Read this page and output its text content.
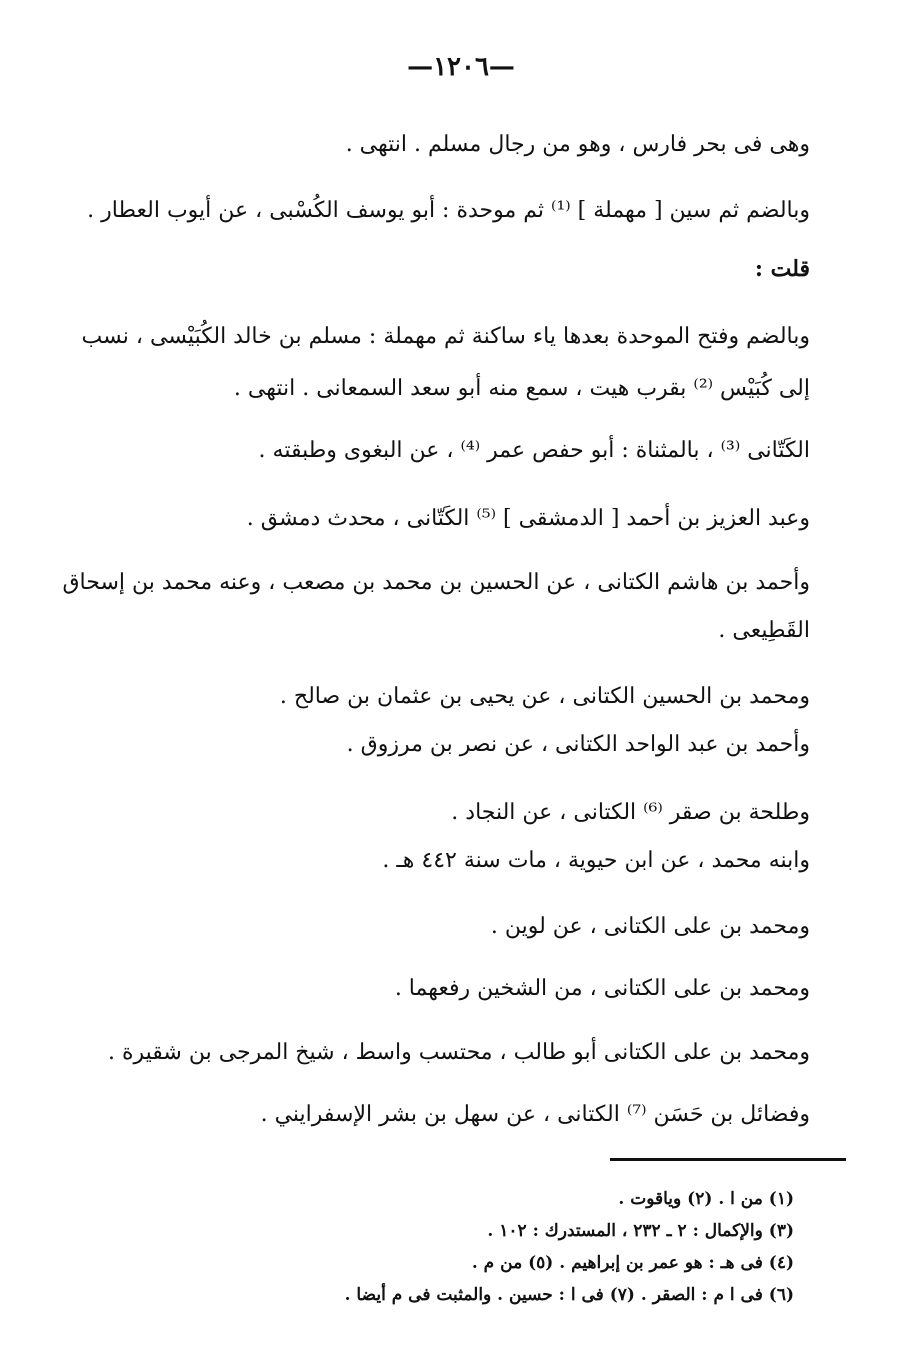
—١٢٠٦—
وهى فى بحر فارس ، وهو من رجال مسلم . انتهى .
وبالضم ثم سين [ مهملة ] ⁽¹⁾ ثم موحدة : أبو يوسف الكُسْبى ، عن أيوب العطار .
قلت :
وبالضم وفتح الموحدة بعدها ياء ساكنة ثم مهملة : مسلم بن خالد الكُبَيْسى ، نسب
إلى كُبَيْس ⁽²⁾ بقرب هيت ، سمع منه أبو سعد السمعانى . انتهى .
الكَتّانى ⁽³⁾ ، بالمثناة : أبو حفص عمر ⁽⁴⁾ ، عن البغوى وطبقته .
وعبد العزيز بن أحمد [ الدمشقى ] ⁽⁵⁾ الكَتّانى ، محدث دمشق .
وأحمد بن هاشم الكتانى ، عن الحسين بن محمد بن مصعب ، وعنه محمد بن إسحاق
القَطِيعى .
ومحمد بن الحسين الكتانى ، عن يحيى بن عثمان بن صالح .
وأحمد بن عبد الواحد الكتانى ، عن نصر بن مرزوق .
وطلحة بن صقر ⁽⁶⁾ الكتانى ، عن النجاد .
وابنه محمد ، عن ابن حيوية ، مات سنة ٤٤٢ هـ .
ومحمد بن على الكتانى ، عن لوين .
ومحمد بن على الكتانى ، من الشخين رفعهما .
ومحمد بن على الكتانى أبو طالب ، محتسب واسط ، شيخ المرجى بن شقيرة .
وفضائل بن حَسَن ⁽⁷⁾ الكتانى ، عن سهل بن بشر الإسفرايني .
(١) من ا . (٢) وياقوت .
(٣) والإكمال : ٢ ـ ٢٣٢ ، المستدرك : ١٠٢ .
(٤) فى هـ : هو عمر بن إبراهيم . (٥) من م .
(٦) فى ا م : الصقر . (٧) فى ا : حسين . والمثبت فى م أيضا .
